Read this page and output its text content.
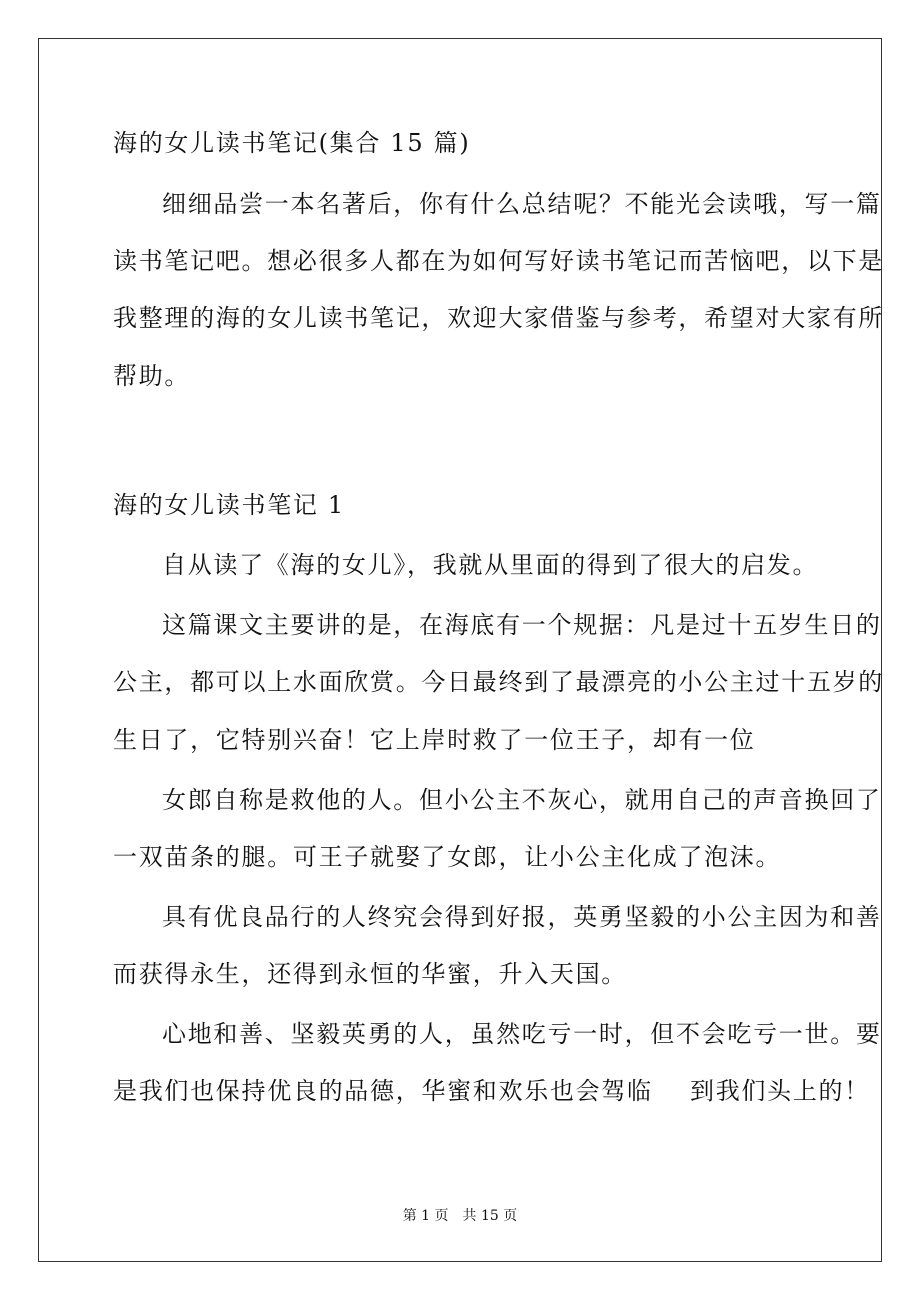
海的女儿读书笔记(集合 15 篇)
细细品尝一本名著后，你有什么总结呢？不能光会读哦，写一篇
读书笔记吧。想必很多人都在为如何写好读书笔记而苦恼吧，以下是
我整理的海的女儿读书笔记，欢迎大家借鉴与参考，希望对大家有所
帮助。
海的女儿读书笔记 1
自从读了《海的女儿》，我就从里面的得到了很大的启发。
这篇课文主要讲的是，在海底有一个规据：凡是过十五岁生日的
公主，都可以上水面欣赏。今日最终到了最漂亮的小公主过十五岁的
生日了，它特别兴奋！它上岸时救了一位王子，却有一位
女郎自称是救他的人。但小公主不灰心，就用自己的声音换回了
一双苗条的腿。可王子就娶了女郎，让小公主化成了泡沫。
具有优良品行的人终究会得到好报，英勇坚毅的小公主因为和善
而获得永生，还得到永恒的华蜜，升入天国。
心地和善、坚毅英勇的人，虽然吃亏一时，但不会吃亏一世。要
是我们也保持优良的品德，华蜜和欢乐也会驾临    到我们头上的！
第 1 页　共 15 页
